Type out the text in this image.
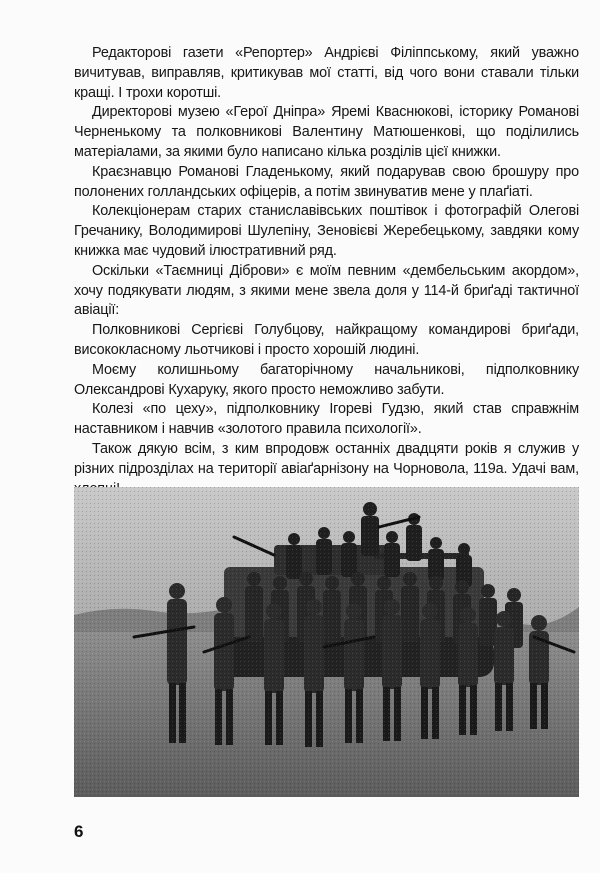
Редакторові газети «Репортер» Андрієві Філіппському, який уважно вичитував, виправляв, критикував мої статті, від чого вони ставали тільки кращі. І трохи коротші.

Директорові музею «Герої Дніпра» Яремі Кваснюкові, історику Романові Черненькому та полковникові Валентину Матюшенкові, що поділились матеріалами, за якими було написано кілька розділів цієї книжки.

Краєзнавцю Романові Гладенькому, який подарував свою брошуру про полонених голландських офіцерів, а потім звинуватив мене у плаґіаті.

Колекціонерам старих станиславівських поштівок і фотографій Олегові Гречанику, Володимирові Шулепіну, Зеновієві Жеребецькому, завдяки кому книжка має чудовий ілюстративний ряд.

Оскільки «Таємниці Діброви» є моїм певним «дембельським акордом», хочу подякувати людям, з якими мене звела доля у 114-й бриґаді тактичної авіації:

Полковникові Сергієві Голубцову, найкращому командирові бриґади, висококласному льотчикові і просто хорошій людині.

Моєму колишньому багаторічному начальникові, підполковнику Олександрові Кухаруку, якого просто неможливо забути.

Колезі «по цеху», підполковнику Ігореві Гудзю, який став справжнім наставником і навчив «золотого правила психології».

Також дякую всім, з ким впродовж останніх двадцяти років я служив у різних підрозділах на території авіаґарнізону на Чорновола, 119а. Удачі вам,

6
